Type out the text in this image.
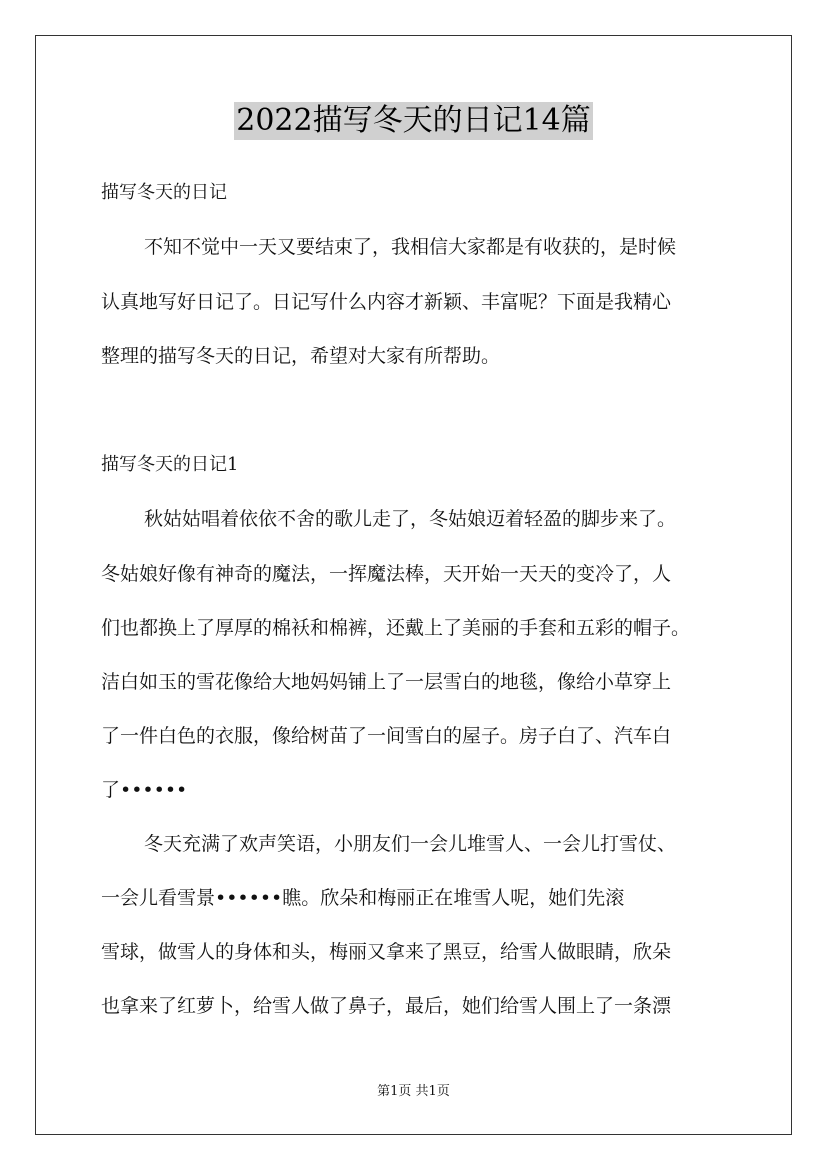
2022描写冬天的日记14篇
描写冬天的日记
不知不觉中一天又要结束了，我相信大家都是有收获的，是时候
认真地写好日记了。日记写什么内容才新颖、丰富呢？下面是我精心
整理的描写冬天的日记，希望对大家有所帮助。
描写冬天的日记1
秋姑姑唱着依依不舍的歌儿走了，冬姑娘迈着轻盈的脚步来了。
冬姑娘好像有神奇的魔法，一挥魔法棒，天开始一天天的变冷了，人
们也都换上了厚厚的棉袄和棉裤，还戴上了美丽的手套和五彩的帽子。
洁白如玉的雪花像给大地妈妈铺上了一层雪白的地毯，像给小草穿上
了一件白色的衣服，像给树苗了一间雪白的屋子。房子白了、汽车白
了••••••
冬天充满了欢声笑语，小朋友们一会儿堆雪人、一会儿打雪仗、
一会儿看雪景••••••瞧。欣朵和梅丽正在堆雪人呢，她们先滚
雪球，做雪人的身体和头，梅丽又拿来了黑豆，给雪人做眼睛，欣朵
也拿来了红萝卜，给雪人做了鼻子，最后，她们给雪人围上了一条漂
第1页 共1页
